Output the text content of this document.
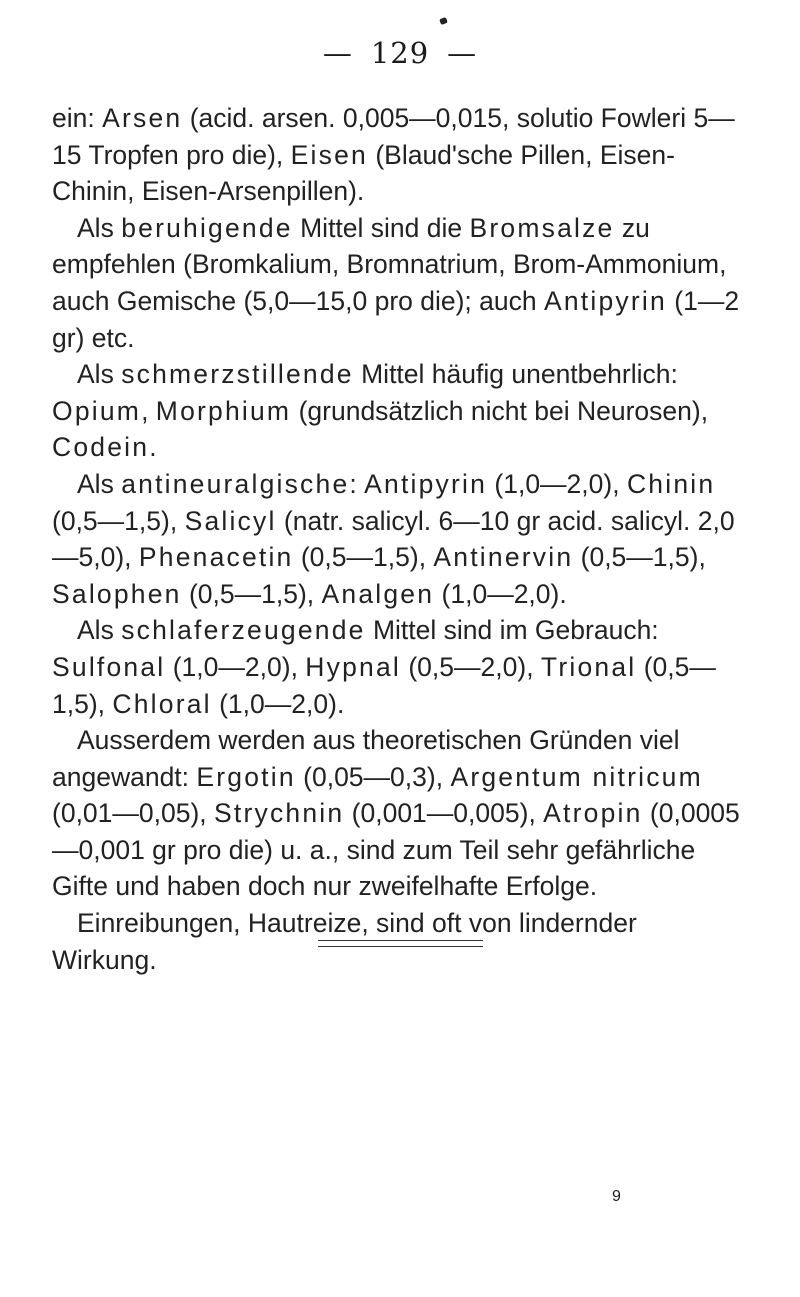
— 129 —

ein: Arsen (acid. arsen. 0,005—0,015, solutio Fowleri 5—15 Tropfen pro die), Eisen (Blaud'sche Pillen, Eisen-Chinin, Eisen-Arsenpillen).

Als beruhigende Mittel sind die Bromsalze zu empfehlen (Bromkalium, Bromnatrium, Brom-Ammonium, auch Gemische (5,0—15,0 pro die); auch Antipyrin (1—2 gr) etc.

Als schmerzstillende Mittel häufig unentbehrlich: Opium, Morphium (grundsätzlich nicht bei Neurosen), Codein.

Als antineuralgische: Antipyrin (1,0—2,0), Chinin (0,5—1,5), Salicyl (natr. salicyl. 6—10 gr acid. salicyl. 2,0—5,0), Phenacetin (0,5—1,5), Antinervin (0,5—1,5), Salophen (0,5—1,5), Analgen (1,0—2,0).

Als schlaferzeugende Mittel sind im Gebrauch: Sulfonal (1,0—2,0), Hypnal (0,5—2,0), Trional (0,5—1,5), Chloral (1,0—2,0).

Ausserdem werden aus theoretischen Gründen viel angewandt: Ergotin (0,05—0,3), Argentum nitricum (0,01—0,05), Strychnin (0,001—0,005), Atropin (0,0005—0,001 gr pro die) u. a., sind zum Teil sehr gefährliche Gifte und haben doch nur zweifelhafte Erfolge.

Einreibungen, Hautreize, sind oft von lindernder Wirkung.

9
